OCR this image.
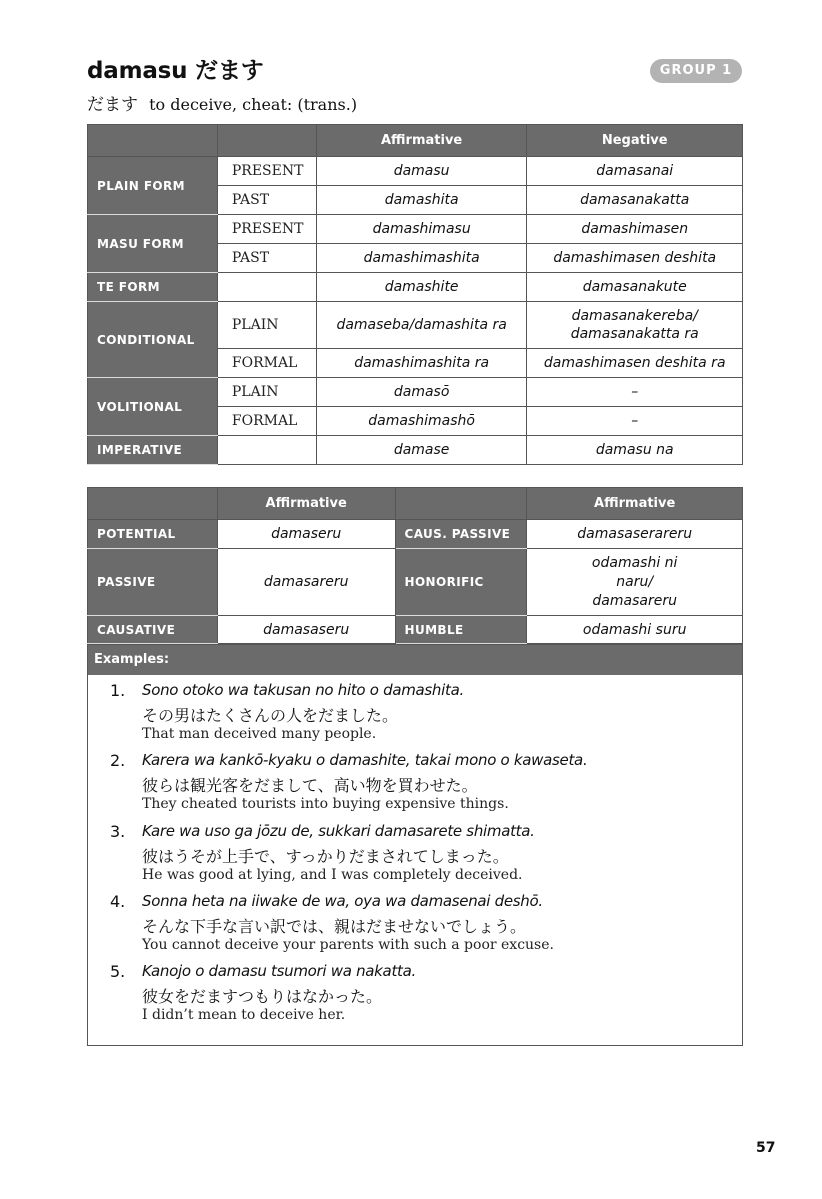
damasu だます	GROUP 1
だます to deceive, cheat: (trans.)
		Affirmative	Negative
PLAIN FORM	PRESENT	damasu	damasanai
	PAST	damashita	damasanakatta
MASU FORM	PRESENT	damashimasu	damashimasen
	PAST	damashimashita	damashimasen deshita
TE FORM		damashite	damasanakute
CONDITIONAL	PLAIN	damaseba/damashita ra	damasanakereba/
damasanakatta ra

	FORMAL	damashimashita ra	damashimasen deshita ra
VOLITIONAL	PLAIN	damasō	–
	FORMAL	damashimashō	–
IMPERATIVE		damase	damasu na
	Affirmative		Affirmative
POTENTIAL	damaseru	CAUS. PASSIVE	damasaserareru
PASSIVE	damasareru	HONORIFIC	odamashi ni
naru/
damasareru

CAUSATIVE	damasaseru	HUMBLE	odamashi suru
Examples:
1. Sono otoko wa takusan no hito o damashita.
その男はたくさんの人をだました。
That man deceived many people.
2. Karera wa kankō-kyaku o damashite, takai mono o kawaseta.
彼らは観光客をだまして、高い物を買わせた。
They cheated tourists into buying expensive things.
3. Kare wa uso ga jōzu de, sukkari damasarete shimatta.
彼はうそが上手で、すっかりだまされてしまった。
He was good at lying, and I was completely deceived.
4. Sonna heta na iiwake de wa, oya wa damasenai deshō.
そんな下手な言い訳では、親はだませないでしょう。
You cannot deceive your parents with such a poor excuse.
5. Kanojo o damasu tsumori wa nakatta.
彼女をだますつもりはなかった。
I didn’t mean to deceive her.
57
